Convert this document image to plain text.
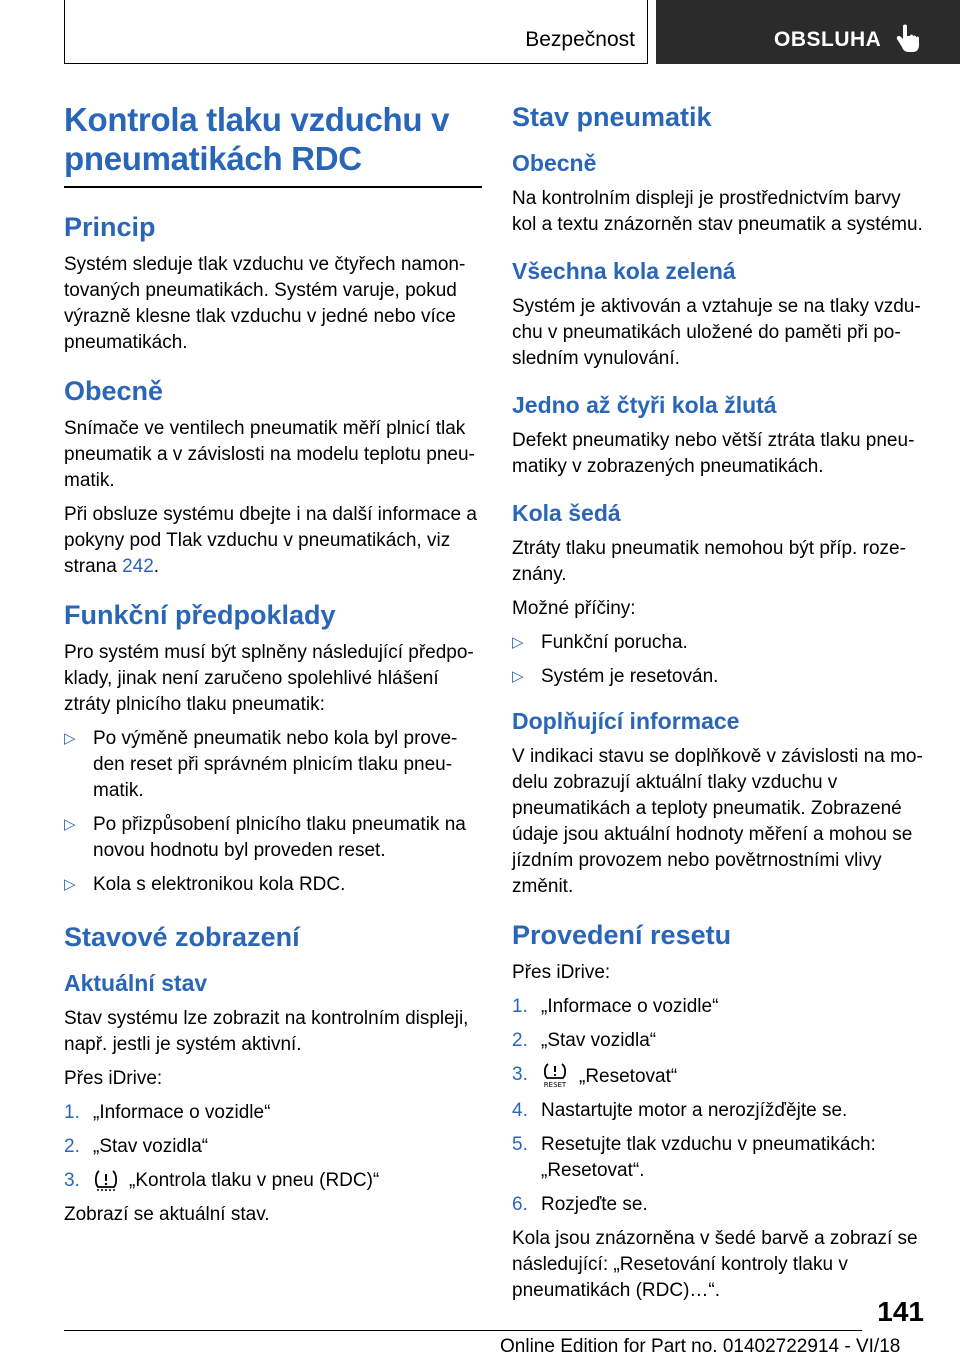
Bezpečnost	OBSLUHA
Kontrola tlaku vzduchu v pneumatikách RDC
Princip

Systém sleduje tlak vzduchu ve čtyřech namontovaných pneumatikách. Systém varuje, pokud výrazně klesne tlak vzduchu v jedné nebo více pneumatikách.

Obecně

Snímače ve ventilech pneumatik měří plnicí tlak pneumatik a v závislosti na modelu teplotu pneumatik.

Při obsluze systému dbejte i na další informace a pokyny pod Tlak vzduchu v pneumatikách, viz strana 242.

Funkční předpoklady

Pro systém musí být splněny následující předpoklady, jinak není zaručeno spolehlivé hlášení ztráty plnicího tlaku pneumatik:

▷ Po výměně pneumatik nebo kola byl proveden reset při správném plnicím tlaku pneumatik.
▷ Po přizpůsobení plnicího tlaku pneumatik na novou hodnotu byl proveden reset.
▷ Kola s elektronikou kola RDC.
Stavové zobrazení
Aktuální stav

Stav systému lze zobrazit na kontrolním displeji, např. jestli je systém aktivní.

Přes iDrive:

1. „Informace o vozidle“
2. „Stav vozidla“
3.	„Kontrola tlaku v pneu (RDC)“

Zobrazí se aktuální stav.

Stav pneumatik
Obecně

Na kontrolním displeji je prostřednictvím barvy kol a textu znázorněn stav pneumatik a systému.

Všechna kola zelená

Systém je aktivován a vztahuje se na tlaky vzduchu v pneumatikách uložené do paměti při posledním vynulování.

Jedno až čtyři kola žlutá

Defekt pneumatiky nebo větší ztráta tlaku pneumatiky v zobrazených pneumatikách.

Kola šedá

Ztráty tlaku pneumatik nemohou být příp. rozeznány.

Možné příčiny:

▷ Funkční porucha.
▷ Systém je resetován.
Doplňující informace

V indikaci stavu se doplňkově v závislosti na modelu zobrazují aktuální tlaky vzduchu v pneumatikách a teploty pneumatik. Zobrazené údaje jsou aktuální hodnoty měření a mohou se jízdním provozem nebo povětrnostními vlivy změnit.

Provedení resetu

Přes iDrive:

1. „Informace o vozidle“
2. „Stav vozidla“
3. RESET „Resetovat“
4. Nastartujte motor a nerozjížďějte se.
5. Resetujte tlak vzduchu v pneumatikách: „Resetovat“.
6. Rozjeďte se.

Kola jsou znázorněna v šedé barvě a zobrazí se následující: „Resetování kontroly tlaku v pneumatikách (RDC)…“.

141
Online Edition for Part no. 01402722914 - VI/18
